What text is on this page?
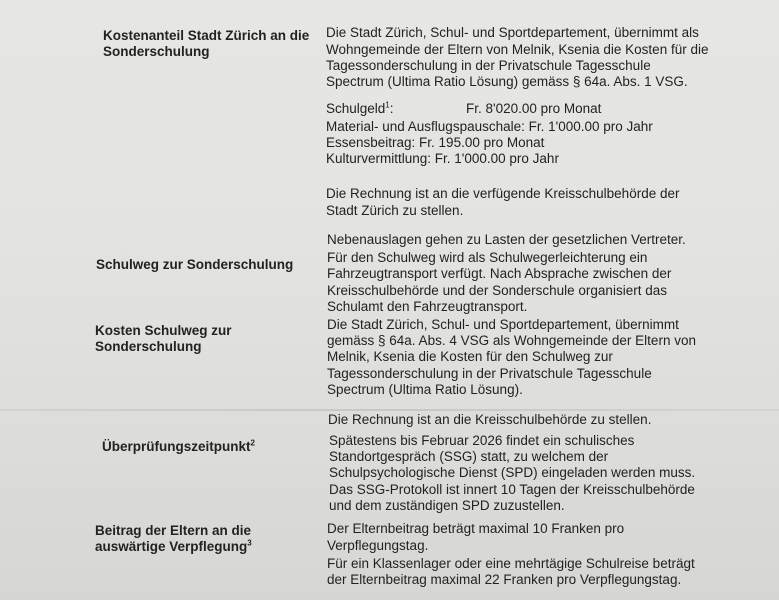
Kostenanteil Stadt Zürich an die
Sonderschulung
Die Stadt Zürich, Schul- und Sportdepartement, übernimmt als
Wohngemeinde der Eltern von Melnik, Ksenia die Kosten für die
Tagessonderschulung in der Privatschule Tagesschule
Spectrum (Ultima Ratio Lösung) gemäss § 64a. Abs. 1 VSG.
Schulgeld$^1$:	Fr. 8'020.00 pro Monat
Material- und Ausflugspauschale: Fr. 1'000.00 pro Jahr
Essensbeitrag: Fr. 195.00 pro Monat
Kulturvermittlung: Fr. 1'000.00 pro Jahr
Die Rechnung ist an die verfügende Kreisschulbehörde der
Stadt Zürich zu stellen.
Nebenauslagen gehen zu Lasten der gesetzlichen Vertreter.
Schulweg zur Sonderschulung Für den Schulweg wird als Schulwegerleichterung ein
Fahrzeugtransport verfügt. Nach Absprache zwischen der
Kreisschulbehörde und der Sonderschule organisiert das
Schulamt den Fahrzeugtransport.
Kosten Schulweg zur
Sonderschulung
Die Stadt Zürich, Schul- und Sportdepartement, übernimmt
gemäss § 64a. Abs. 4 VSG als Wohngemeinde der Eltern von
Melnik, Ksenia die Kosten für den Schulweg zur
Tagessonderschulung in der Privatschule Tagesschule
Spectrum (Ultima Ratio Lösung).
Die Rechnung ist an die Kreisschulbehörde zu stellen.
Überprüfungszeitpunkt$^2$	Spätestens bis Februar 2026 findet ein schulisches
Standortgespräch (SSG) statt, zu welchem der
Schulpsychologische Dienst (SPD) eingeladen werden muss.
Das SSG-Protokoll ist innert 10 Tagen der Kreisschulbehörde
und dem zuständigen SPD zuzustellen.
Beitrag der Eltern an die
auswärtige Verpflegung$^3$
Der Elternbeitrag beträgt maximal 10 Franken pro
Verpflegungstag.
Für ein Klassenlager oder eine mehrtägige Schulreise beträgt
der Elternbeitrag maximal 22 Franken pro Verpflegungstag.
